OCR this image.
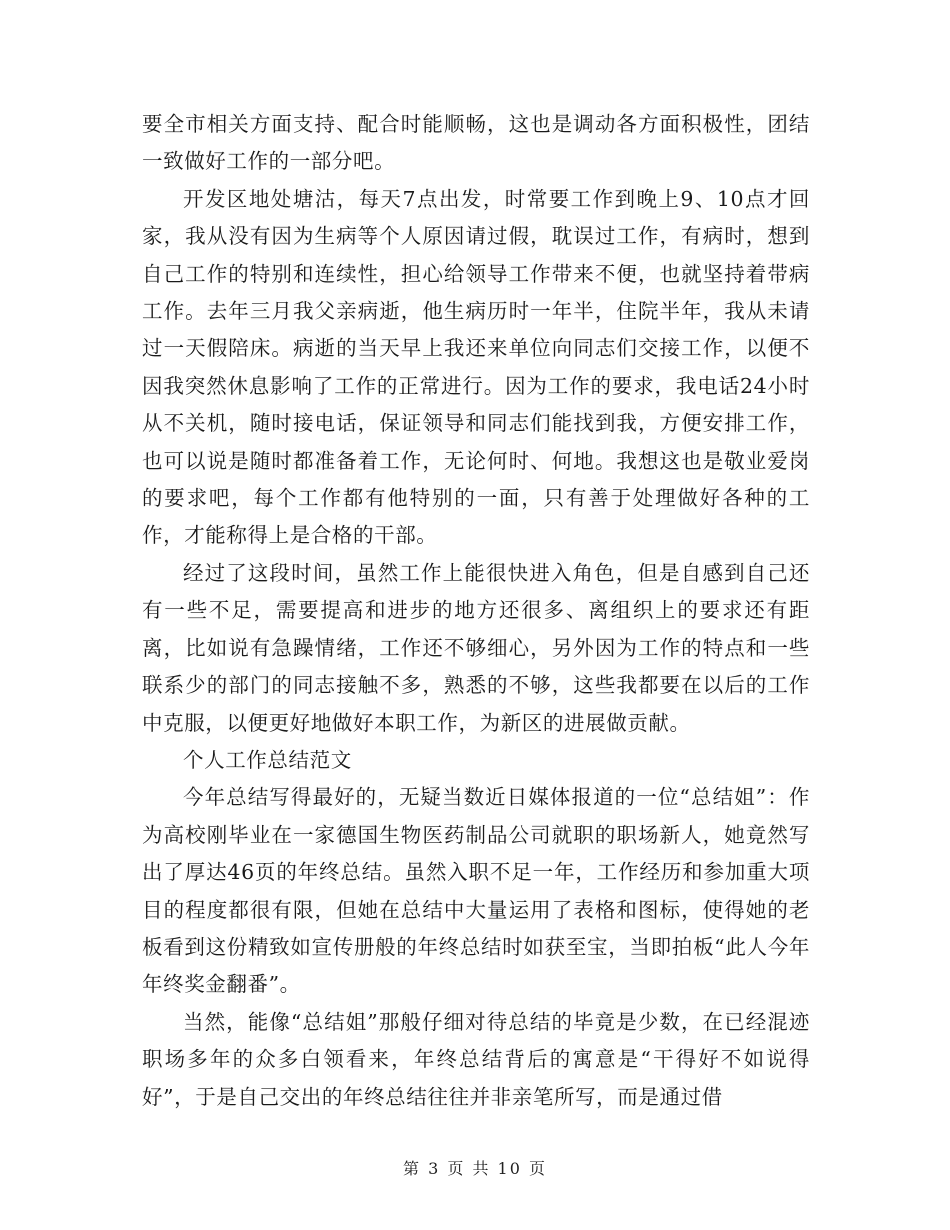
要全市相关方面支持、配合时能顺畅，这也是调动各方面积极性，团结一致做好工作的一部分吧。

开发区地处塘沽，每天7点出发，时常要工作到晚上9、10点才回家，我从没有因为生病等个人原因请过假，耽误过工作，有病时，想到自己工作的特别和连续性，担心给领导工作带来不便，也就坚持着带病工作。去年三月我父亲病逝，他生病历时一年半，住院半年，我从未请过一天假陪床。病逝的当天早上我还来单位向同志们交接工作，以便不因我突然休息影响了工作的正常进行。因为工作的要求，我电话24小时从不关机，随时接电话，保证领导和同志们能找到我，方便安排工作，也可以说是随时都准备着工作，无论何时、何地。我想这也是敬业爱岗的要求吧，每个工作都有他特别的一面，只有善于处理做好各种的工作，才能称得上是合格的干部。

经过了这段时间，虽然工作上能很快进入角色，但是自感到自己还有一些不足，需要提高和进步的地方还很多、离组织上的要求还有距离，比如说有急躁情绪，工作还不够细心，另外因为工作的特点和一些联系少的部门的同志接触不多，熟悉的不够，这些我都要在以后的工作中克服，以便更好地做好本职工作，为新区的进展做贡献。

个人工作总结范文

今年总结写得最好的，无疑当数近日媒体报道的一位“总结姐”：作为高校刚毕业在一家德国生物医药制品公司就职的职场新人，她竟然写出了厚达46页的年终总结。虽然入职不足一年，工作经历和参加重大项目的程度都很有限，但她在总结中大量运用了表格和图标，使得她的老板看到这份精致如宣传册般的年终总结时如获至宝，当即拍板“此人今年年终奖金翻番”。

当然，能像“总结姐”那般仔细对待总结的毕竟是少数，在已经混迹职场多年的众多白领看来，年终总结背后的寓意是“干得好不如说得好”，于是自己交出的年终总结往往并非亲笔所写，而是通过借

第 3 页 共 10 页
